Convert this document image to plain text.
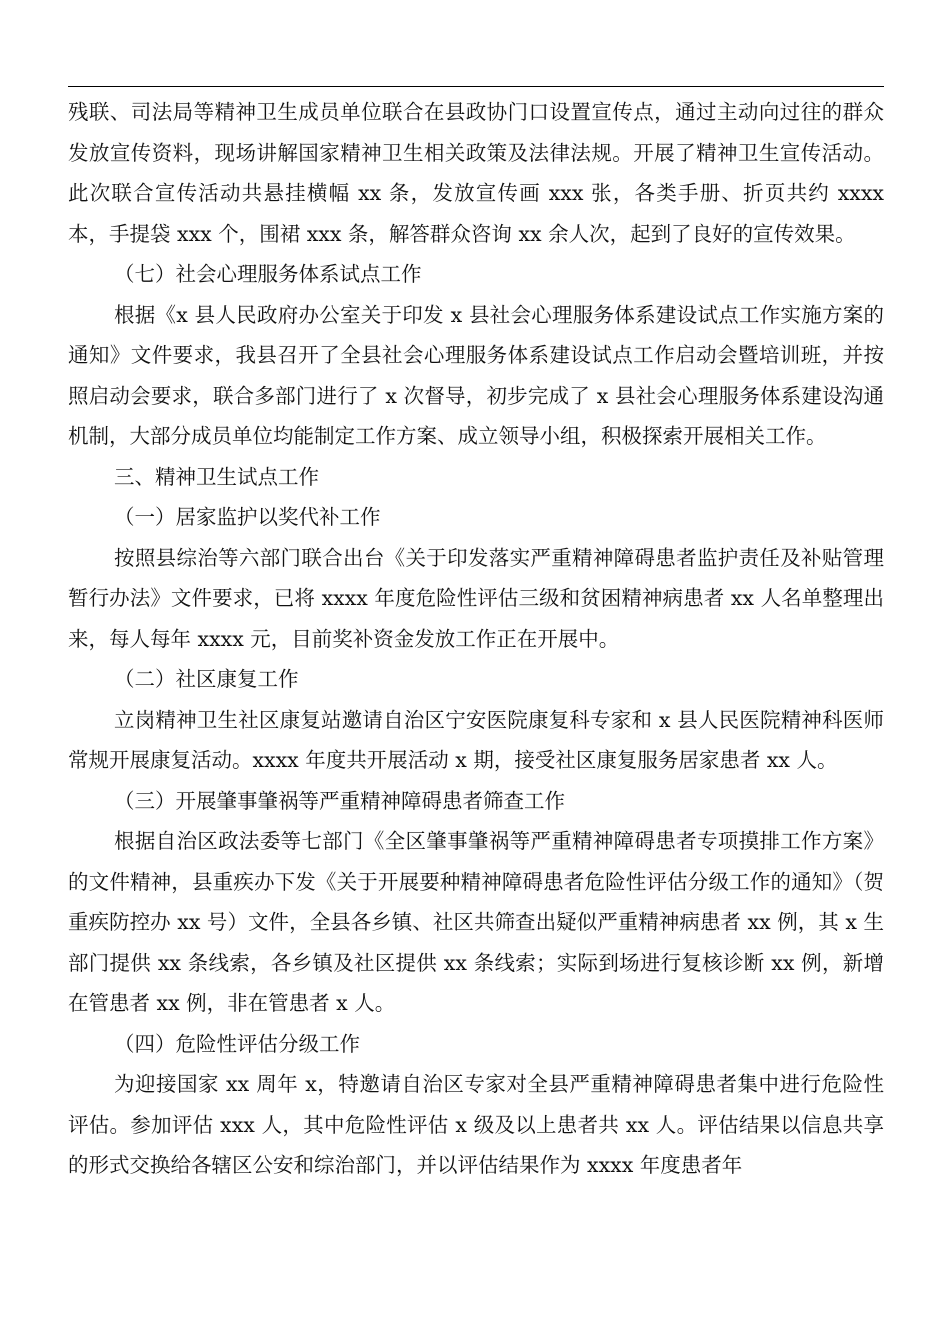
残联、司法局等精神卫生成员单位联合在县政协门口设置宣传点，通过主动向过往的群众发放宣传资料，现场讲解国家精神卫生相关政策及法律法规。开展了精神卫生宣传活动。此次联合宣传活动共悬挂横幅 xx 条，发放宣传画 xxx 张，各类手册、折页共约 xxxx 本，手提袋 xxx 个，围裙 xxx 条，解答群众咨询 xx 余人次，起到了良好的宣传效果。

（七）社会心理服务体系试点工作

根据《x 县人民政府办公室关于印发 x 县社会心理服务体系建设试点工作实施方案的通知》文件要求，我县召开了全县社会心理服务体系建设试点工作启动会暨培训班，并按照启动会要求，联合多部门进行了 x 次督导，初步完成了 x 县社会心理服务体系建设沟通机制，大部分成员单位均能制定工作方案、成立领导小组，积极探索开展相关工作。

三、精神卫生试点工作

（一）居家监护以奖代补工作

按照县综治等六部门联合出台《关于印发落实严重精神障碍患者监护责任及补贴管理暂行办法》文件要求，已将 xxxx 年度危险性评估三级和贫困精神病患者 xx 人名单整理出来，每人每年 xxxx 元，目前奖补资金发放工作正在开展中。

（二）社区康复工作

立岗精神卫生社区康复站邀请自治区宁安医院康复科专家和 x 县人民医院精神科医师常规开展康复活动。xxxx 年度共开展活动 x 期，接受社区康复服务居家患者 xx 人。

（三）开展肇事肇祸等严重精神障碍患者筛查工作

根据自治区政法委等七部门《全区肇事肇祸等严重精神障碍患者专项摸排工作方案》的文件精神，县重疾办下发《关于开展要种精神障碍患者危险性评估分级工作的通知》（贺重疾防控办 xx 号）文件，全县各乡镇、社区共筛查出疑似严重精神病患者 xx 例，其 x 生部门提供 xx 条线索，各乡镇及社区提供 xx 条线索；实际到场进行复核诊断 xx 例，新增在管患者 xx 例，非在管患者 x 人。

（四）危险性评估分级工作

为迎接国家 xx 周年 x，特邀请自治区专家对全县严重精神障碍患者集中进行危险性评估。参加评估 xxx 人，其中危险性评估 x 级及以上患者共 xx 人。评估结果以信息共享的形式交换给各辖区公安和综治部门，并以评估结果作为 xxxx 年度患者年
